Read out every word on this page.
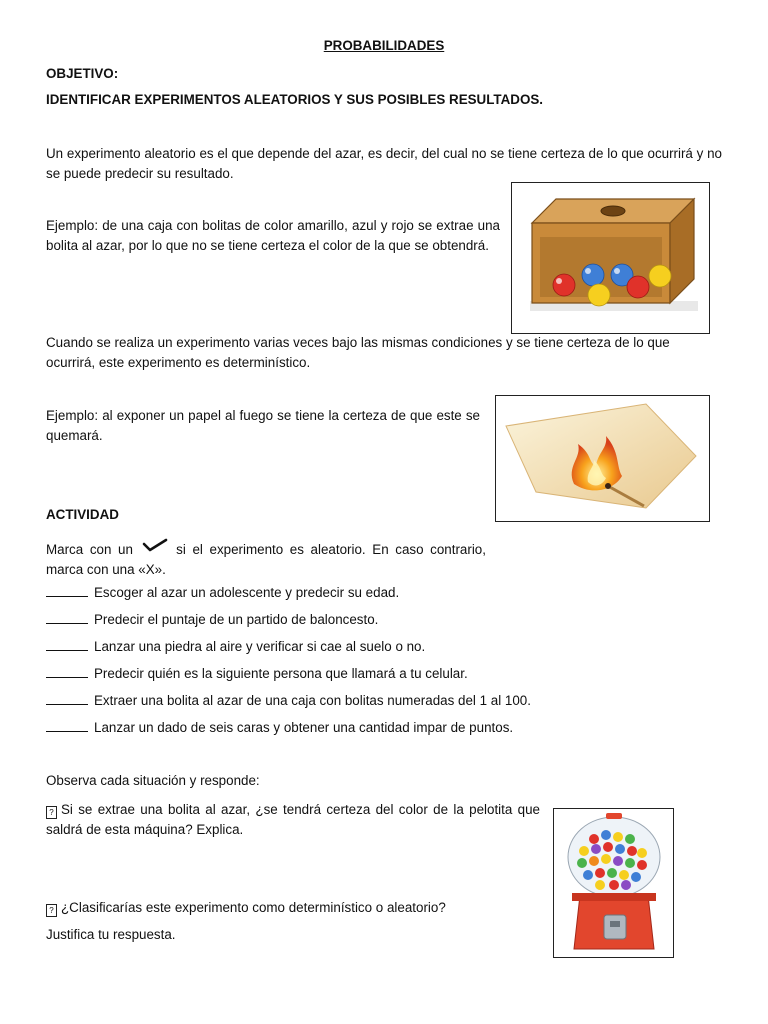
PROBABILIDADES
OBJETIVO:
IDENTIFICAR EXPERIMENTOS ALEATORIOS Y SUS POSIBLES RESULTADOS.
Un experimento aleatorio es el que depende del azar, es decir, del cual no se tiene certeza de lo que ocurrirá y no se puede predecir su resultado.
Ejemplo: de una caja con bolitas de color amarillo, azul y rojo se extrae una bolita al azar, por lo que no se tiene certeza el color de la que se obtendrá.
Cuando se realiza un experimento varias veces bajo las mismas condiciones y se tiene certeza de lo que ocurrirá, este experimento es determinístico.
Ejemplo: al exponer un papel al fuego se tiene la certeza de que este se quemará.
ACTIVIDAD
Marca con un	si el experimento es aleatorio. En caso contrario, marca con una «X».
Escoger al azar un adolescente y predecir su edad.
Predecir el puntaje de un partido de baloncesto.
Lanzar una piedra al aire y verificar si cae al suelo o no.
Predecir quién es la siguiente persona que llamará a tu celular.
Extraer una bolita al azar de una caja con bolitas numeradas del 1 al 100.
Lanzar un dado de seis caras y obtener una cantidad impar de puntos.
Observa cada situación y responde:
? Si se extrae una bolita al azar, ¿se tendrá certeza del color de la pelotita que saldrá de esta máquina? Explica.
? ¿Clasificarías este experimento como determinístico o aleatorio?
Justifica tu respuesta.
